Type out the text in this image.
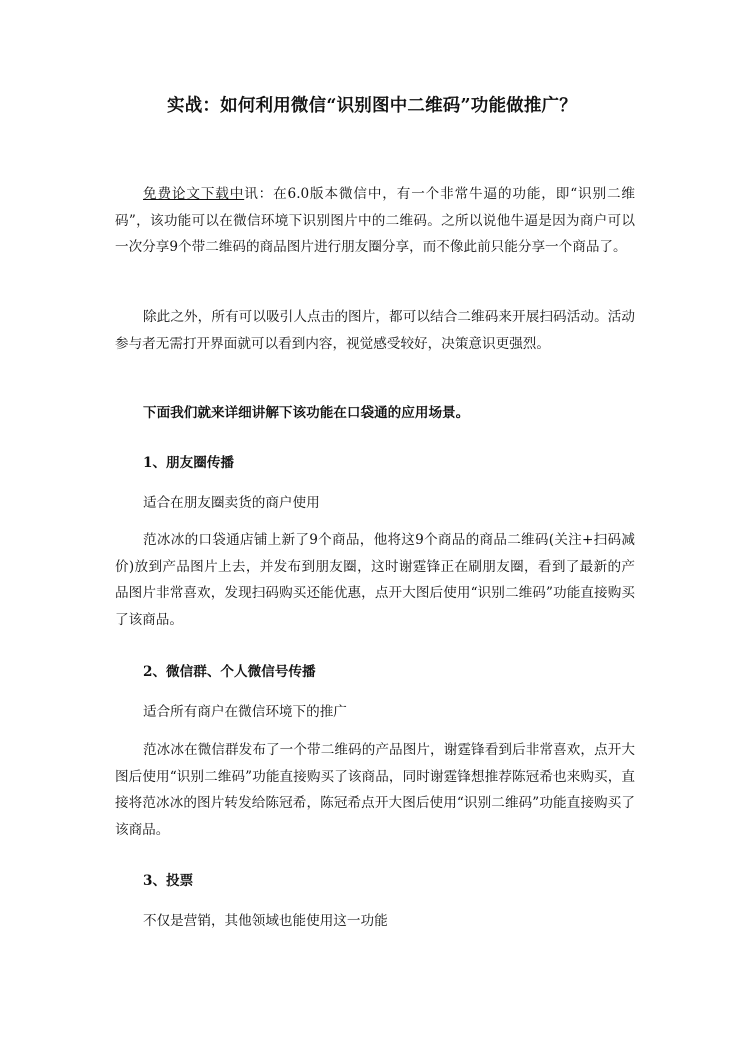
实战：如何利用微信“识别图中二维码”功能做推广？
免费论文下载中讯：在6.0版本微信中，有一个非常牛逼的功能，即“识别二维码”，该功能可以在微信环境下识别图片中的二维码。之所以说他牛逼是因为商户可以一次分享9个带二维码的商品图片进行朋友圈分享，而不像此前只能分享一个商品了。
除此之外，所有可以吸引人点击的图片，都可以结合二维码来开展扫码活动。活动参与者无需打开界面就可以看到内容，视觉感受较好，决策意识更强烈。
下面我们就来详细讲解下该功能在口袋通的应用场景。
1、朋友圈传播
适合在朋友圈卖货的商户使用
范冰冰的口袋通店铺上新了9个商品，他将这9个商品的商品二维码(关注+扫码减价)放到产品图片上去，并发布到朋友圈，这时谢霆锋正在刷朋友圈，看到了最新的产品图片非常喜欢，发现扫码购买还能优惠，点开大图后使用“识别二维码”功能直接购买了该商品。
2、微信群、个人微信号传播
适合所有商户在微信环境下的推广
范冰冰在微信群发布了一个带二维码的产品图片，谢霆锋看到后非常喜欢，点开大图后使用“识别二维码”功能直接购买了该商品，同时谢霆锋想推荐陈冠希也来购买，直接将范冰冰的图片转发给陈冠希，陈冠希点开大图后使用“识别二维码”功能直接购买了该商品。
3、投票
不仅是营销，其他领域也能使用这一功能
